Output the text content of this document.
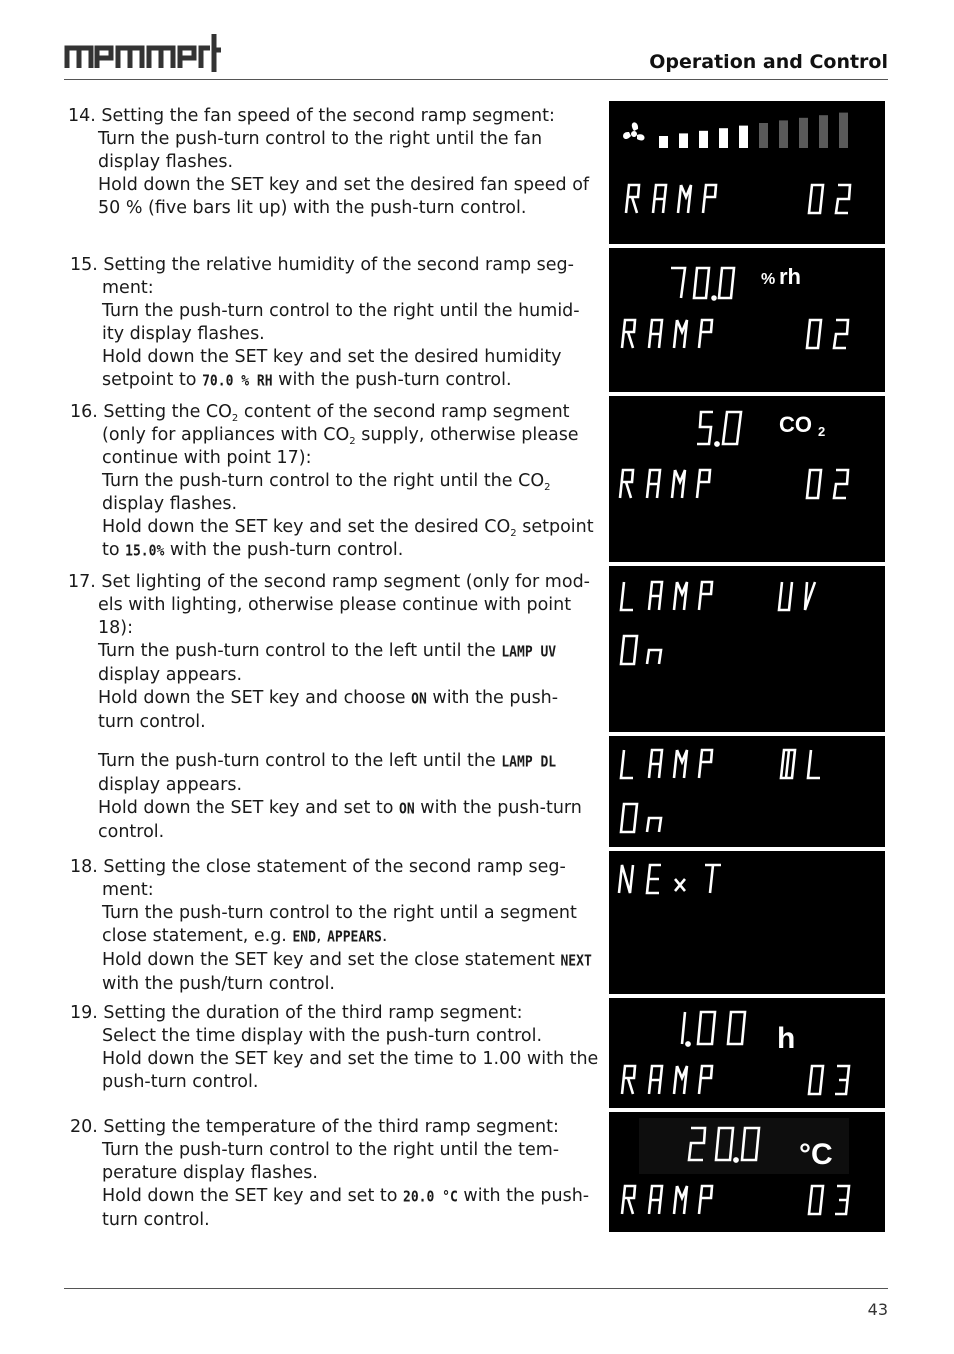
Operation and Control
14. Setting the fan speed of the second ramp segment:
Turn the push-turn control to the right until the fan
display flashes.
Hold down the SET key and set the desired fan speed of
50 % (five bars lit up) with the push-turn control.
15. Setting the relative humidity of the second ramp seg-
ment:
Turn the push-turn control to the right until the humid-
ity display flashes.
Hold down the SET key and set the desired humidity
setpoint to 70.0 % RH with the push-turn control.
16. Setting the $CO_2$ content of the second ramp segment
(only for appliances with $CO_2$ supply, otherwise please
continue with point 17):
Turn the push-turn control to the right until the $CO_2$
display flashes.
Hold down the SET key and set the desired $CO_2$ setpoint
to 15.0% with the push-turn control.
17. Set lighting of the second ramp segment (only for mod-
els with lighting, otherwise please continue with point
18):
Turn the push-turn control to the left until the LAMP UV
display appears.
Hold down the SET key and choose ON with the push-
turn control.
Turn the push-turn control to the left until the LAMP DL
display appears.
Hold down the SET key and set to ON with the push-turn
control.
18. Setting the close statement of the second ramp seg-
ment:
Turn the push-turn control to the right until a segment
close statement, e.g. END, APPEARS.
Hold down the SET key and set the close statement NEXT
with the push/turn control.
19. Setting the duration of the third ramp segment:
Select the time display with the push-turn control.
Hold down the SET key and set the time to 1.00 with the
push-turn control.
20. Setting the temperature of the third ramp segment:
Turn the push-turn control to the right until the tem-
perature display flashes.
Hold down the SET key and set to 20.0 °C with the push-
turn control.
% rh
CO 2
h
°C
43
